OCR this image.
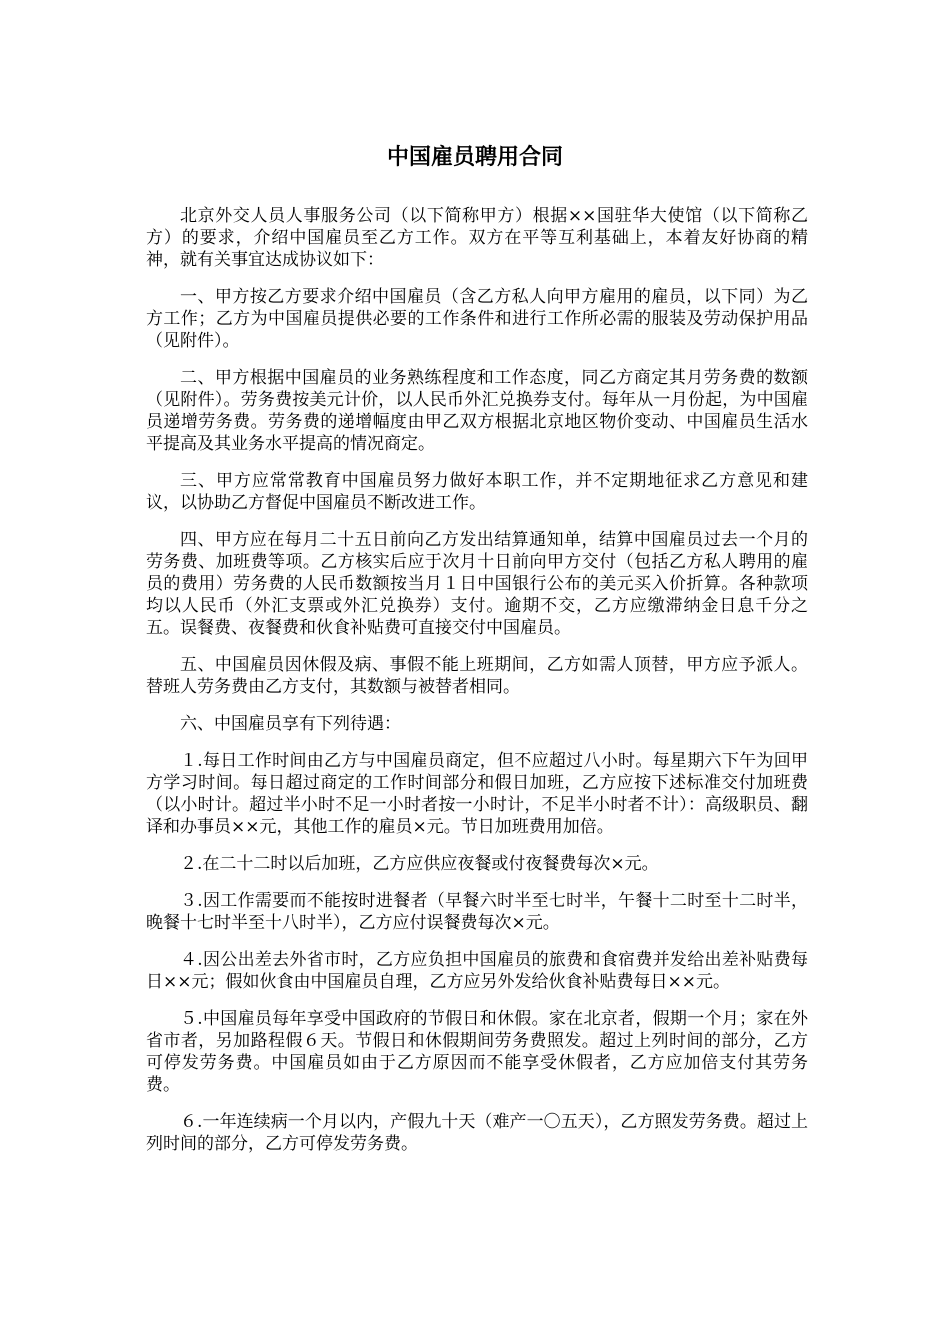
中国雇员聘用合同

北京外交人员人事服务公司（以下简称甲方）根据××国驻华大使馆（以下简称乙方）的要求，介绍中国雇员至乙方工作。双方在平等互利基础上，本着友好协商的精神，就有关事宜达成协议如下：

一、甲方按乙方要求介绍中国雇员（含乙方私人向甲方雇用的雇员，以下同）为乙方工作；乙方为中国雇员提供必要的工作条件和进行工作所必需的服装及劳动保护用品（见附件）。

二、甲方根据中国雇员的业务熟练程度和工作态度，同乙方商定其月劳务费的数额（见附件）。劳务费按美元计价，以人民币外汇兑换券支付。每年从一月份起，为中国雇员递增劳务费。劳务费的递增幅度由甲乙双方根据北京地区物价变动、中国雇员生活水平提高及其业务水平提高的情况商定。

三、甲方应常常教育中国雇员努力做好本职工作，并不定期地征求乙方意见和建议，以协助乙方督促中国雇员不断改进工作。

四、甲方应在每月二十五日前向乙方发出结算通知单，结算中国雇员过去一个月的劳务费、加班费等项。乙方核实后应于次月十日前向甲方交付（包括乙方私人聘用的雇员的费用）劳务费的人民币数额按当月１日中国银行公布的美元买入价折算。各种款项均以人民币（外汇支票或外汇兑换券）支付。逾期不交，乙方应缴滞纳金日息千分之五。误餐费、夜餐费和伙食补贴费可直接交付中国雇员。

五、中国雇员因休假及病、事假不能上班期间，乙方如需人顶替，甲方应予派人。替班人劳务费由乙方支付，其数额与被替者相同。

六、中国雇员享有下列待遇：

１.每日工作时间由乙方与中国雇员商定，但不应超过八小时。每星期六下午为回甲方学习时间。每日超过商定的工作时间部分和假日加班，乙方应按下述标准交付加班费（以小时计。超过半小时不足一小时者按一小时计，不足半小时者不计）：高级职员、翻译和办事员××元，其他工作的雇员×元。节日加班费用加倍。

２.在二十二时以后加班，乙方应供应夜餐或付夜餐费每次×元。

３.因工作需要而不能按时进餐者（早餐六时半至七时半，午餐十二时至十二时半，晚餐十七时半至十八时半），乙方应付误餐费每次×元。

４.因公出差去外省市时，乙方应负担中国雇员的旅费和食宿费并发给出差补贴费每日××元；假如伙食由中国雇员自理，乙方应另外发给伙食补贴费每日××元。

５.中国雇员每年享受中国政府的节假日和休假。家在北京者，假期一个月；家在外省市者，另加路程假６天。节假日和休假期间劳务费照发。超过上列时间的部分，乙方可停发劳务费。中国雇员如由于乙方原因而不能享受休假者，乙方应加倍支付其劳务费。

６.一年连续病一个月以内，产假九十天（难产一〇五天），乙方照发劳务费。超过上列时间的部分，乙方可停发劳务费。
